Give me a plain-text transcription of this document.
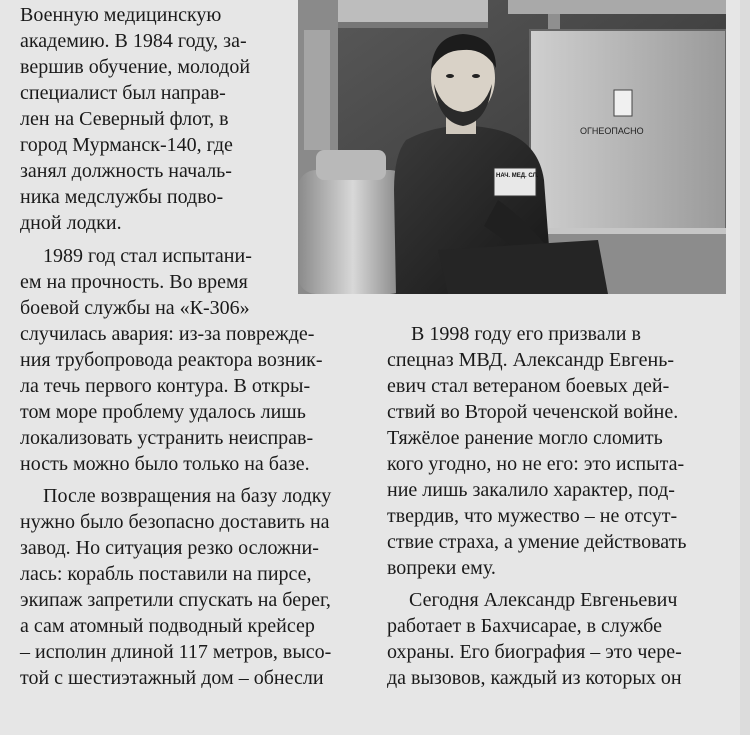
ОГНЕОПАСНО
НАЧ. МЕД. СЛ.
Военную медицинскую
академию. В 1984 году, за-
вершив обучение, молодой
специалист был направ-
лен на Северный флот, в
город Мурманск-140, где
занял должность началь-
ника медслужбы подво-
дной лодки.
1989 год стал испытани-
ем на прочность. Во время
боевой службы на «К-306»
случилась авария: из-за поврежде-
ния трубопровода реактора возник-
ла течь первого контура. В откры-
том море проблему удалось лишь
локализовать устранить неисправ-
ность можно было только на базе.
После возвращения на базу лодку
нужно было безопасно доставить на
завод. Но ситуация резко осложни-
лась: корабль поставили на пирсе,
экипаж запретили спускать на берег,
а сам атомный подводный крейсер
– исполин длиной 117 метров, высо-
той с шестиэтажный дом – обнесли
В 1998 году его призвали в
спецназ МВД. Александр Евгень-
евич стал ветераном боевых дей-
ствий во Второй чеченской войне.
Тяжёлое ранение могло сломить
кого угодно, но не его: это испыта-
ние лишь закалило характер, под-
твердив, что мужество – не отсут-
ствие страха, а умение действовать
вопреки ему.
Сегодня Александр Евгеньевич
работает в Бахчисарае, в службе
охраны. Его биография – это чере-
да вызовов, каждый из которых он
